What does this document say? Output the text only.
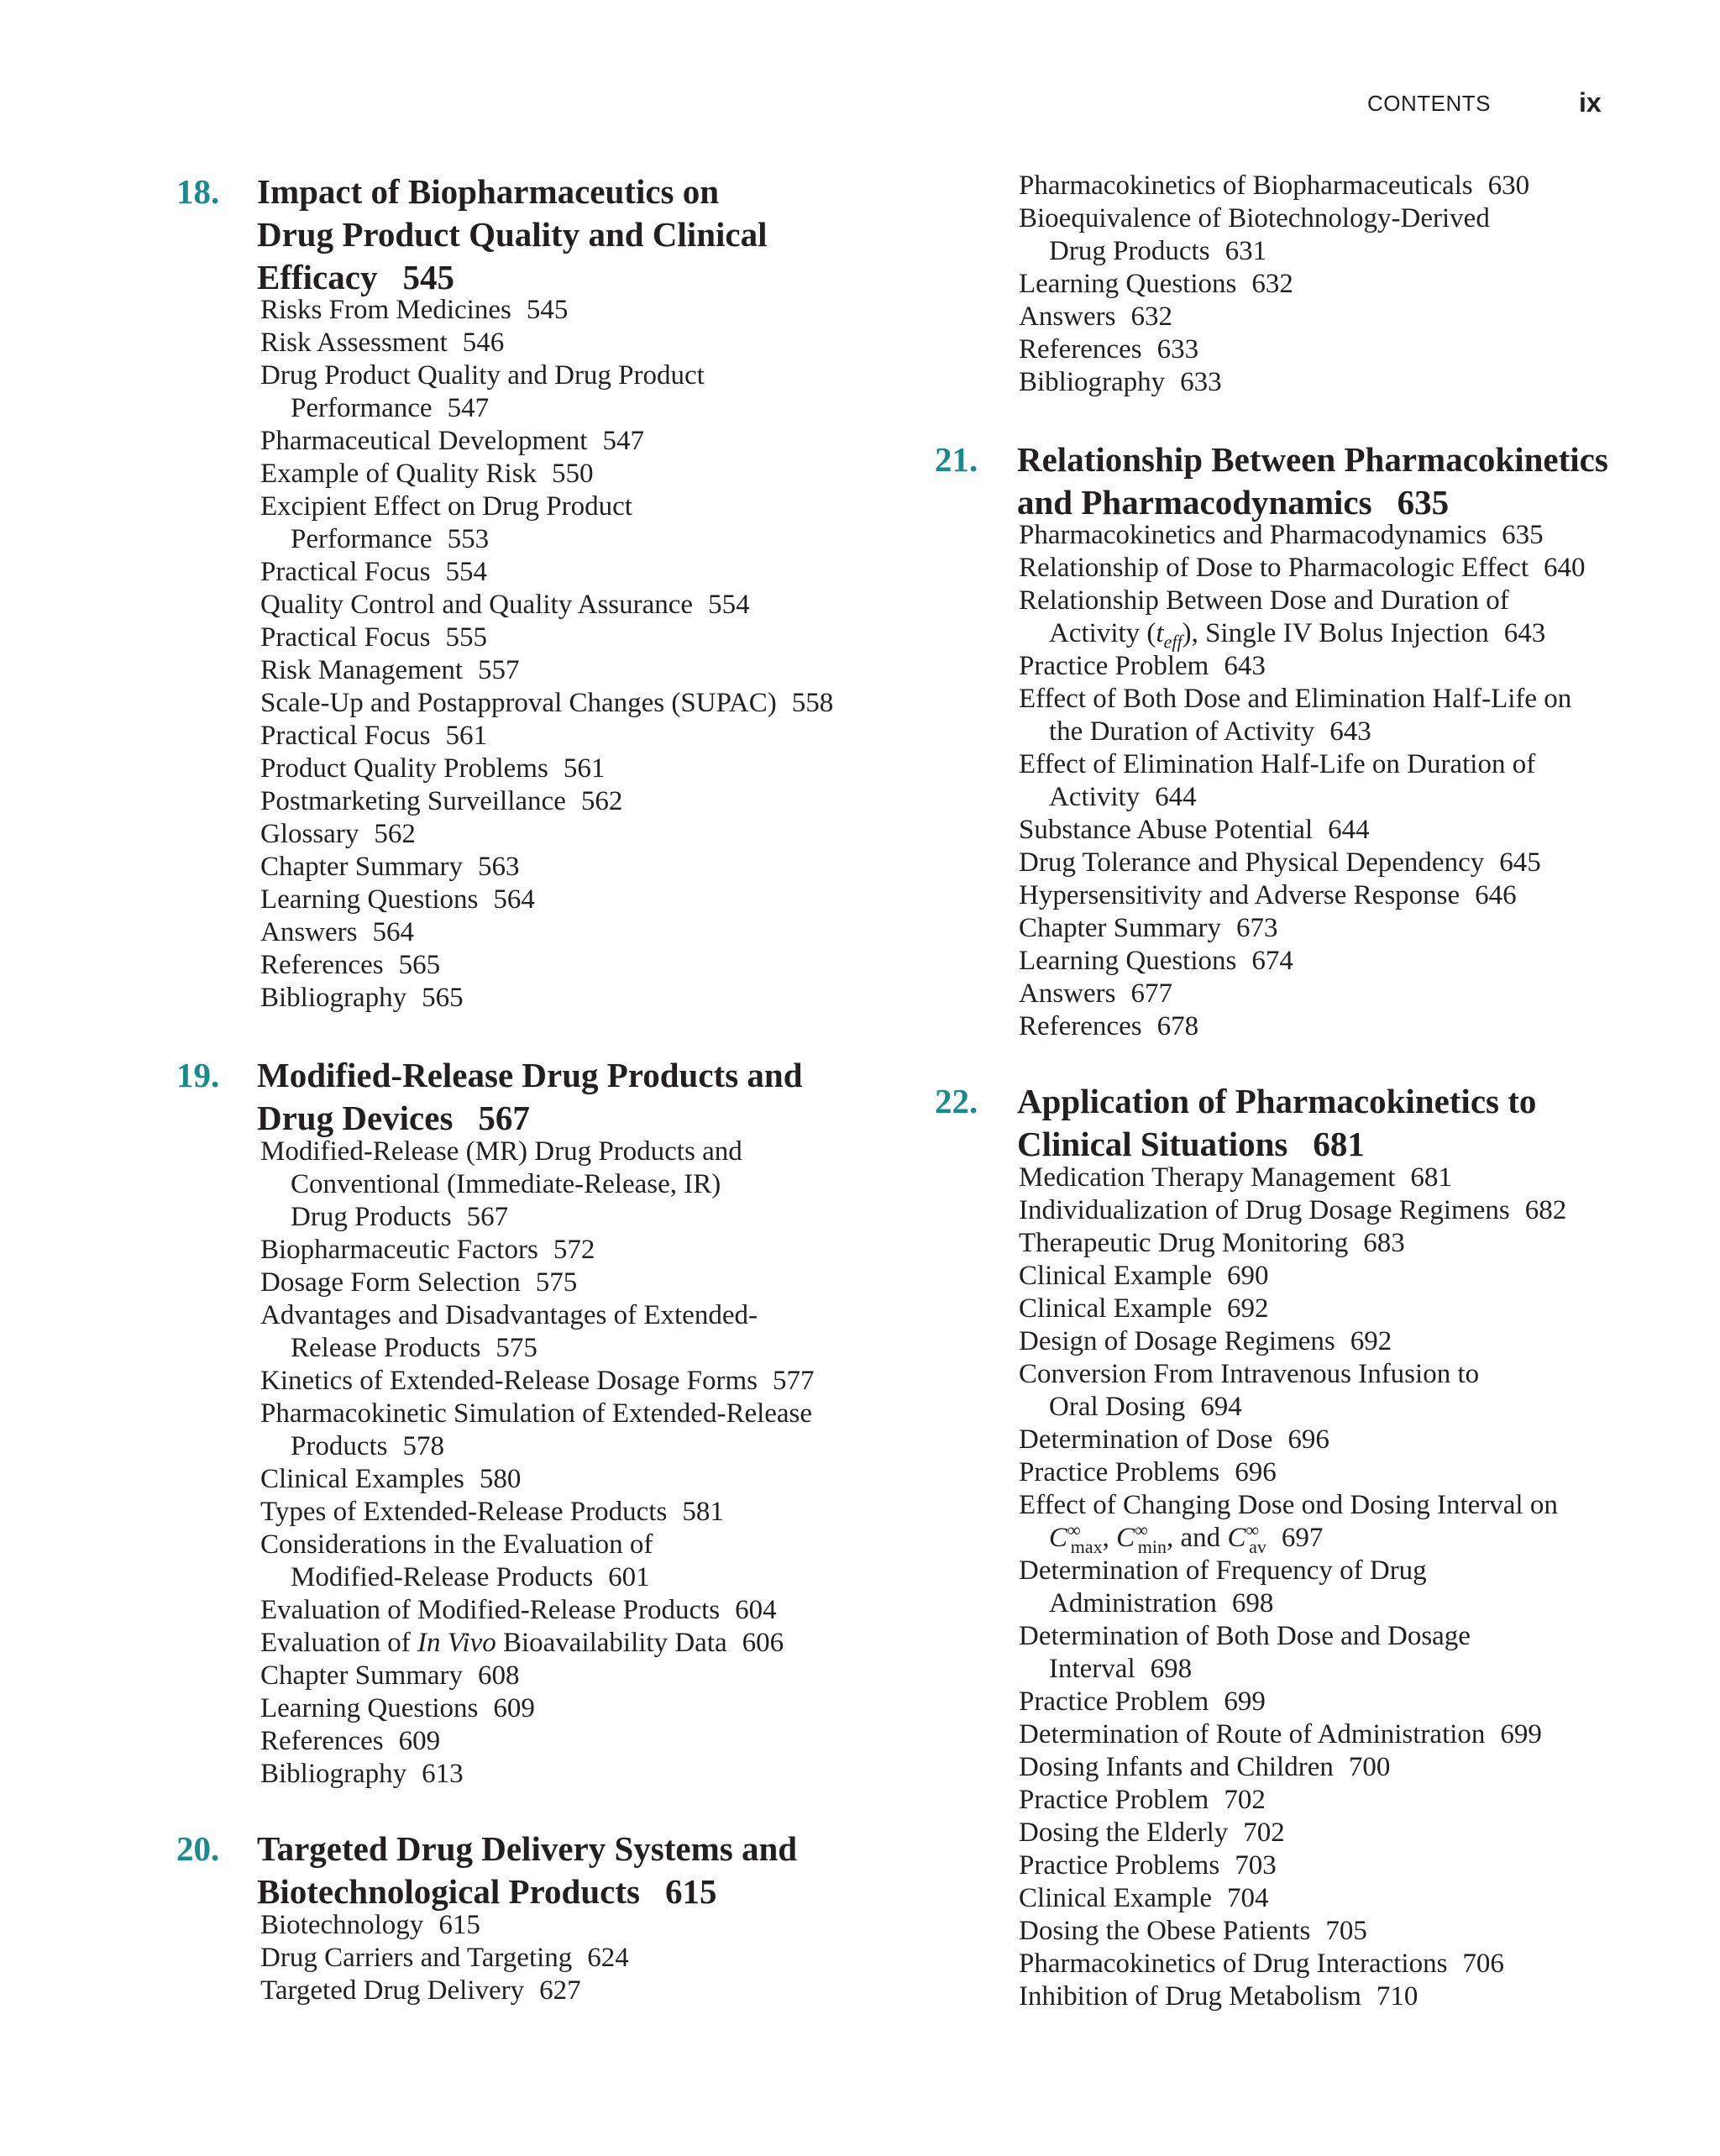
CONTENTS	ix
18. Impact of Biopharmaceutics on
Drug Product Quality and Clinical
Efficacy 545
Risks From Medicines 545
Risk Assessment 546
Drug Product Quality and Drug Product
Performance 547
Pharmaceutical Development 547
Example of Quality Risk 550
Excipient Effect on Drug Product
Performance 553
Practical Focus 554
Quality Control and Quality Assurance 554
Practical Focus 555
Risk Management 557
Scale-Up and Postapproval Changes (SUPAC) 558
Practical Focus 561
Product Quality Problems 561
Postmarketing Surveillance 562
Glossary 562
Chapter Summary 563
Learning Questions 564
Answers 564
References 565
Bibliography 565
19. Modified-Release Drug Products and
Drug Devices 567
Modified-Release (MR) Drug Products and
Conventional (Immediate-Release, IR)
Drug Products 567
Biopharmaceutic Factors 572
Dosage Form Selection 575
Advantages and Disadvantages of Extended-
Release Products 575
Kinetics of Extended-Release Dosage Forms 577
Pharmacokinetic Simulation of Extended-Release
Products 578
Clinical Examples 580
Types of Extended-Release Products 581
Considerations in the Evaluation of
Modified-Release Products 601
Evaluation of Modified-Release Products 604
Evaluation of In Vivo Bioavailability Data 606
Chapter Summary 608
Learning Questions 609
References 609
Bibliography 613
20. Targeted Drug Delivery Systems and
Biotechnological Products 615
Biotechnology 615
Drug Carriers and Targeting 624
Targeted Drug Delivery 627
Pharmacokinetics of Biopharmaceuticals 630
Bioequivalence of Biotechnology-Derived
Drug Products 631
Learning Questions 632
Answers 632
References 633
Bibliography 633
21. Relationship Between Pharmacokinetics
and Pharmacodynamics 635
Pharmacokinetics and Pharmacodynamics 635
Relationship of Dose to Pharmacologic Effect 640
Relationship Between Dose and Duration of
Activity $(t_{eff})$, Single IV Bolus Injection 643
Practice Problem 643
Effect of Both Dose and Elimination Half-Life on
the Duration of Activity 643
Effect of Elimination Half-Life on Duration of
Activity 644
Substance Abuse Potential 644
Drug Tolerance and Physical Dependency 645
Hypersensitivity and Adverse Response 646
Chapter Summary 673
Learning Questions 674
Answers 677
References 678
22. Application of Pharmacokinetics to
Clinical Situations 681
Medication Therapy Management 681
Individualization of Drug Dosage Regimens 682
Therapeutic Drug Monitoring 683
Clinical Example 690
Clinical Example 692
Design of Dosage Regimens 692
Conversion From Intravenous Infusion to
Oral Dosing 694
Determination of Dose 696
Practice Problems 696
Effect of Changing Dose ond Dosing Interval on
$C^\infty_{max}$, $C^\infty_{min}$, and $C^\infty_{av}$ 697
Determination of Frequency of Drug
Administration 698
Determination of Both Dose and Dosage
Interval 698
Practice Problem 699
Determination of Route of Administration 699
Dosing Infants and Children 700
Practice Problem 702
Dosing the Elderly 702
Practice Problems 703
Clinical Example 704
Dosing the Obese Patients 705
Pharmacokinetics of Drug Interactions 706
Inhibition of Drug Metabolism 710
